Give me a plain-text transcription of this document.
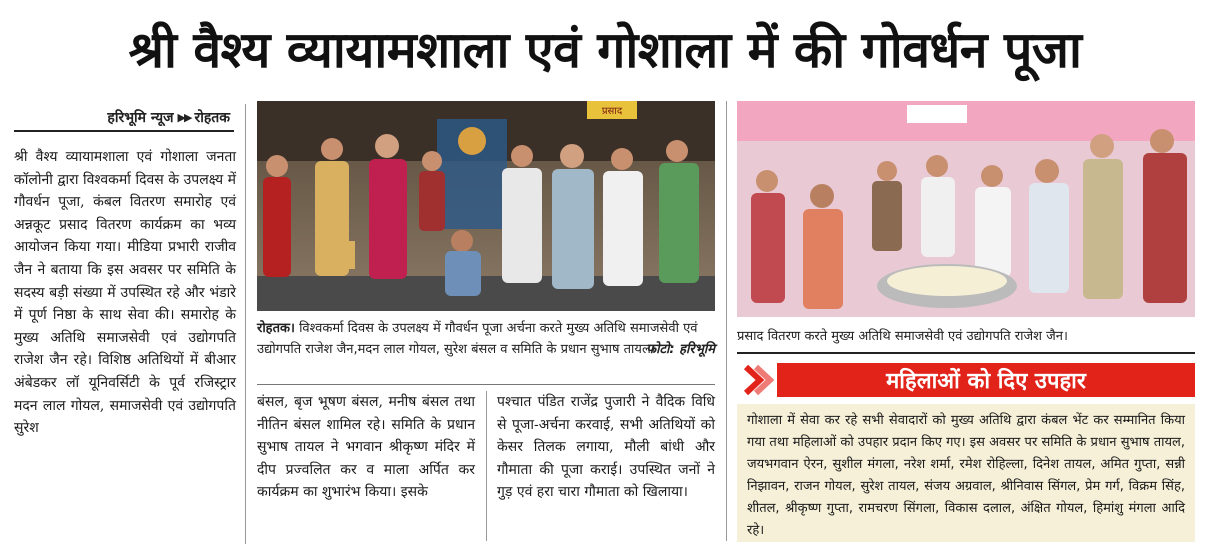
श्री वैश्य व्यायामशाला एवं गोशाला में की गोवर्धन पूजा
हरिभूमि न्यूज ▶▶ रोहतक
श्री वैश्य व्यायामशाला एवं गोशाला जनता कॉलोनी द्वारा विश्वकर्मा दिवस के उपलक्ष्य में गौवर्धन पूजा, कंबल वितरण समारोह एवं अन्नकूट प्रसाद वितरण कार्यक्रम का भव्य आयोजन किया गया। मीडिया प्रभारी राजीव जैन ने बताया कि इस अवसर पर समिति के सदस्य बड़ी संख्या में उपस्थित रहे और भंडारे में पूर्ण निष्ठा के साथ सेवा की। समारोह के मुख्य अतिथि समाजसेवी एवं उद्योगपति राजेश जैन रहे। विशिष्ठ अतिथियों में बीआर अंबेडकर लॉ यूनिवर्सिटी के पूर्व रजिस्ट्रार मदन लाल गोयल, समाजसेवी एवं उद्योगपति सुरेश
प्रसाद
रोहतक। विश्वकर्मा दिवस के उपलक्ष्य में गौवर्धन पूजा अर्चना करते मुख्य अतिथि समाजसेवी एवं उद्योगपति राजेश जैन,मदन लाल गोयल, सुरेश बंसल व समिति के प्रधान सुभाष तायल।
फोटो: हरिभूमि
बंसल, बृज भूषण बंसल, मनीष बंसल तथा नीतिन बंसल शामिल रहे। समिति के प्रधान सुभाष तायल ने भगवान श्रीकृष्ण मंदिर में दीप प्रज्वलित कर व माला अर्पित कर कार्यक्रम का शुभारंभ किया। इसके
पश्चात पंडित राजेंद्र पुजारी ने वैदिक विधि से पूजा-अर्चना करवाई, सभी अतिथियों को केसर तिलक लगाया, मौली बांधी और गौमाता की पूजा कराई। उपस्थित जनों ने गुड़ एवं हरा चारा गौमाता को खिलाया।
प्रसाद वितरण करते मुख्य अतिथि समाजसेवी एवं उद्योगपति राजेश जैन।
महिलाओं को दिए उपहार
गोशाला में सेवा कर रहे सभी सेवादारों को मुख्य अतिथि द्वारा कंबल भेंट कर सम्मानित किया गया तथा महिलाओं को उपहार प्रदान किए गए। इस अवसर पर समिति के प्रधान सुभाष तायल, जयभगवान ऐरन, सुशील मंगला, नरेश शर्मा, रमेश रोहिल्ला, दिनेश तायल, अमित गुप्ता, सन्नी निझावन, राजन गोयल, सुरेश तायल, संजय अग्रवाल, श्रीनिवास सिंगल, प्रेम गर्ग, विक्रम सिंह, शीतल, श्रीकृष्ण गुप्ता, रामचरण सिंगला, विकास दलाल, अंक्षित गोयल, हिमांशु मंगला आदि रहे।
